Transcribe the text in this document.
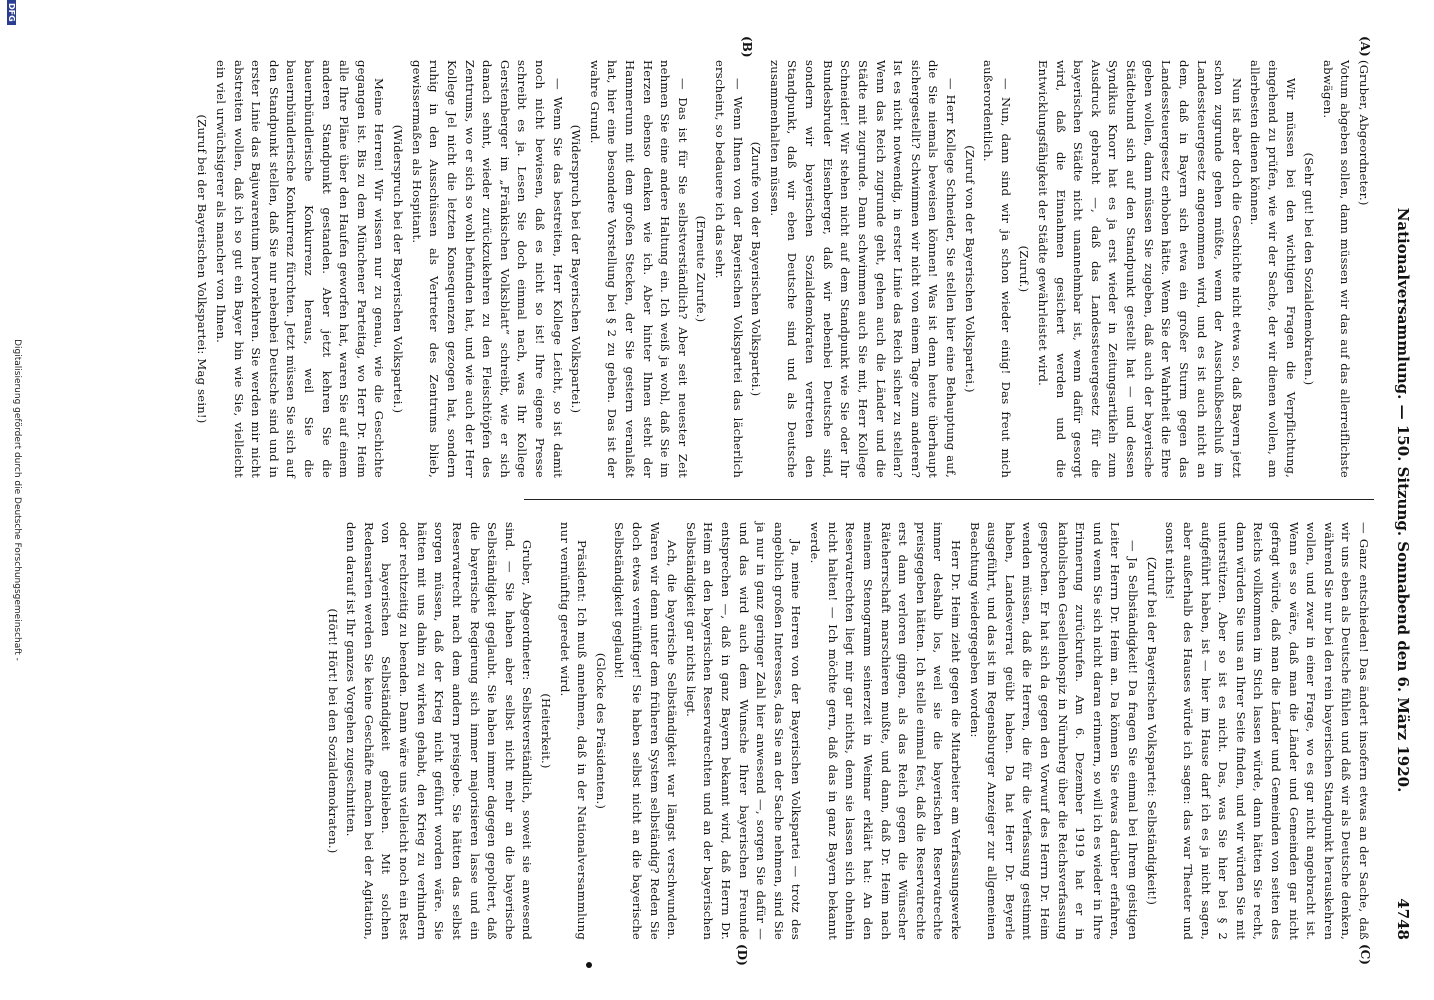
Nationalversammlung. — 150. Sitzung. Sonnabend den 6. März 1920.
4748
(A)
(B)
(C)
(D)

(Gruber, Abgeordneter.)

Votum abgeben sollen, dann müssen wir das auf das allerreiflichste abwägen.

(Sehr gut! bei den Sozialdemokraten.)

Wir müssen bei den wichtigen Fragen die Verpflichtung, eingehend zu prüfen, wie wir der Sache, der wir dienen wollen, am allerbesten dienen können.

Nun ist aber doch die Geschichte nicht etwa so, daß Bayern jetzt schon zugrunde gehen müßte, wenn der Ausschußbeschluß im Landessteuergesetz angenommen wird, und es ist auch nicht an dem, daß in Bayern sich etwa ein großer Sturm gegen das Landessteuergesetz erhoben hätte. Wenn Sie der Wahrheit die Ehre geben wollen, dann müssen Sie zugeben, daß auch der bayerische Städtebund sich auf den Standpunkt gestellt hat — und dessen Syndikus Knorr hat es ja erst wieder in Zeitungsartikeln zum Ausdruck gebracht —, daß das Landessteuergesetz für die bayerischen Städte nicht unannehmbar ist, wenn dafür gesorgt wird, daß die Einnahmen gesichert werden und die Entwicklungsfähigkeit der Städte gewährleistet wird.

(Zuruf.)

— Nun, dann sind wir ja schon wieder einig! Das freut mich außerordentlich.

(Zuruf von der Bayerischen Volkspartei.)

— Herr Kollege Schneider, Sie stellen hier eine Behauptung auf, die Sie niemals beweisen können! Was ist denn heute überhaupt sichergestellt? Schwimmen wir nicht von einem Tage zum anderen? Ist es nicht notwendig, in erster Linie das Reich sicher zu stellen? Wenn das Reich zugrunde geht, gehen auch die Länder und die Städte mit zugrunde. Dann schwimmen auch Sie mit, Herr Kollege Schneider! Wir stehen nicht auf dem Standpunkt wie Sie oder Ihr Bundesbruder Eisenberger, daß wir nebenbei Deutsche sind, sondern wir bayerischen Sozialdemokraten vertreten den Standpunkt, daß wir eben Deutsche sind und als Deutsche zusammenhalten müssen.

(Zurufe von der Bayerischen Volkspartei.)

— Wenn Ihnen von der Bayerischen Volkspartei das lächerlich erscheint, so bedauere ich das sehr.

(Erneute Zurufe.)

— Das ist für Sie selbstverständlich? Aber seit neuester Zeit nehmen Sie eine andere Haltung ein. Ich weiß ja wohl, daß Sie im Herzen ebenso denken wie ich. Aber hinter Ihnen steht der Hammerunn mit dem großen Stecken, der Sie gestern veranlaßt hat, hier eine besondere Vorstellung bei § 2 zu geben. Das ist der wahre Grund.

(Widerspruch bei der Bayerischen Volkspartei.)

— Wenn Sie das bestreiten, Herr Kollege Leicht, so ist damit noch nicht bewiesen, daß es nicht so ist! Ihre eigene Presse schreibt es ja. Lesen Sie doch einmal nach, was Ihr Kollege Gerstenberger im „Fränkischen Volksblatt“ schreibt, wie er sich danach sehnt, wieder zurückzukehren zu den Fleischtöpfen des Zentrums, wo er sich so wohl befunden hat, und wie auch der Herr Kollege Jel nicht die letzten Konsequenzen gezogen hat, sondern ruhig in den Ausschüssen als Vertreter des Zentrums blieb, gewissermaßen als Hospitant.

(Widerspruch bei der Bayerischen Volkspartei.)

Meine Herren! Wir wissen nur zu genau, wie die Geschichte gegangen ist. Bis zu dem Münchener Parteitag, wo Herr Dr. Heim alle Ihre Pläne über den Haufen geworfen hat, waren Sie auf einem anderen Standpunkt gestanden. Aber jetzt kehren Sie die bauernbündlerische Konkurrenz heraus, weil Sie die bauernbündlerische Konkurrenz fürchten. Jetzt müssen Sie sich auf den Standpunkt stellen, daß Sie nur nebenbei Deutsche sind und in erster Linie das Bajuwarentum hervorkehren. Sie werden mir nicht abstreiten wollen, daß ich so gut ein Bayer bin wie Sie, vielleicht ein viel urwüchsigerer als mancher von Ihnen.

(Zuruf bei der Bayerischen Volkspartei: Mag sein!)

— Ganz entschieden! Das ändert insofern etwas an der Sache, daß wir uns eben als Deutsche fühlen und daß wir als Deutsche denken, während Sie nur bei den rein bayerischen Standpunkt herauskehren wollen, und zwar in einer Frage, wo es gar nicht angebracht ist. Wenn es so wäre, daß man die Länder und Gemeinden gar nicht gefragt würde, daß man die Länder und Gemeinden von seiten des Reichs vollkommen im Stich lassen würde, dann hätten Sie recht, dann würden Sie uns an Ihrer Seite finden, und wir würden Sie mit unterstützen. Aber so ist es nicht. Das, was Sie hier bei § 2 aufgeführt haben, ist — hier im Hause darf ich es ja nicht sagen, aber außerhalb des Hauses würde ich sagen: das war Theater und sonst nichts!

(Zuruf bei der Bayerischen Volkspartei: Selbständigkeit!)

— Ja Selbständigkeit! Da fragen Sie einmal bei Ihrem geistigen Leiter Herrn Dr. Heim an. Da können Sie etwas darüber erfahren, und wenn Sie sich nicht daran erinnern, so will ich es wieder in Ihre Erinnerung zurückrufen. Am 6. Dezember 1919 hat er in katholischen Gesellenhospiz in Nürnberg über die Reichsverfassung gesprochen. Er hat sich da gegen den Vorwurf des Herrn Dr. Heim wenden müssen, daß die Herren, die für die Verfassung gestimmt haben, Landesverrat geübt haben. Da hat Herr Dr. Beyerle ausgeführt, und das ist im Regensburger Anzeiger zur allgemeinen Beachtung wiedergegeben worden:

Herr Dr. Heim zieht gegen die Mitarbeiter am Verfassungswerke immer deshalb los, weil sie die bayerischen Reservatrechte preisgegeben hätten. Ich stelle einmal fest, daß die Reservatrechte erst dann verloren gingen, als das Reich gegen die Wünscher Räteherrschaft marschieren mußte, und dann, daß Dr. Heim nach meinem Stenogramm seinerzeit in Weimar erklärt hat: An den Reservatrechten liegt mir gar nichts, denn sie lassen sich ohnehin nicht halten! — Ich möchte gern, daß das in ganz Bayern bekannt werde.

Ja, meine Herren von der Bayerischen Volkspartei — trotz des angeblich großen Interesses, das Sie an der Sache nehmen, sind Sie ja nur in ganz geringer Zahl hier anwesend —, sorgen Sie dafür — und das wird auch dem Wunsche Ihrer bayerischen Freunde entsprechen —, daß in ganz Bayern bekannt wird, daß Herrn Dr. Heim an den bayerischen Reservatrechten und an der bayerischen Selbständigkeit gar nichts liegt.

Ach, die bayerische Selbständigkeit war längst verschwunden. Waren wir denn unter dem früheren System selbständig? Reden Sie doch etwas vernünftiger! Sie haben selbst nicht an die bayerische Selbständigkeit geglaubt!

(Glocke des Präsidenten.)

Präsident: Ich muß annehmen, daß in der Nationalversammlung nur vernünftig geredet wird.

(Heiterkeit.)

Gruber, Abgeordneter: Selbstverständlich, soweit sie anwesend sind. — Sie haben aber selbst nicht mehr an die bayerische Selbständigkeit geglaubt. Sie haben immer dagegen gepoltert, daß die bayerische Regierung sich immer majorisieren lasse und ein Reservatrecht nach dem andern preisgebe. Sie hätten das selbst sorgen müssen, daß der Krieg nicht geführt worden wäre. Sie hätten mit uns dahin zu wirken gehabt, den Krieg zu verhindern oder rechtzeitig zu beenden. Dann wäre uns vielleicht noch ein Rest von bayerischen Selbständigkeit geblieben. Mit solchen Redensarten werden Sie keine Geschäfte machen bei der Agitation, denn darauf ist Ihr ganzes Vorgehen zugeschnitten.

(Hört! Hört! bei den Sozialdemokraten.)

Digitalisierung gefördert durch die Deutsche Forschungsgemeinschaft -
DFG
